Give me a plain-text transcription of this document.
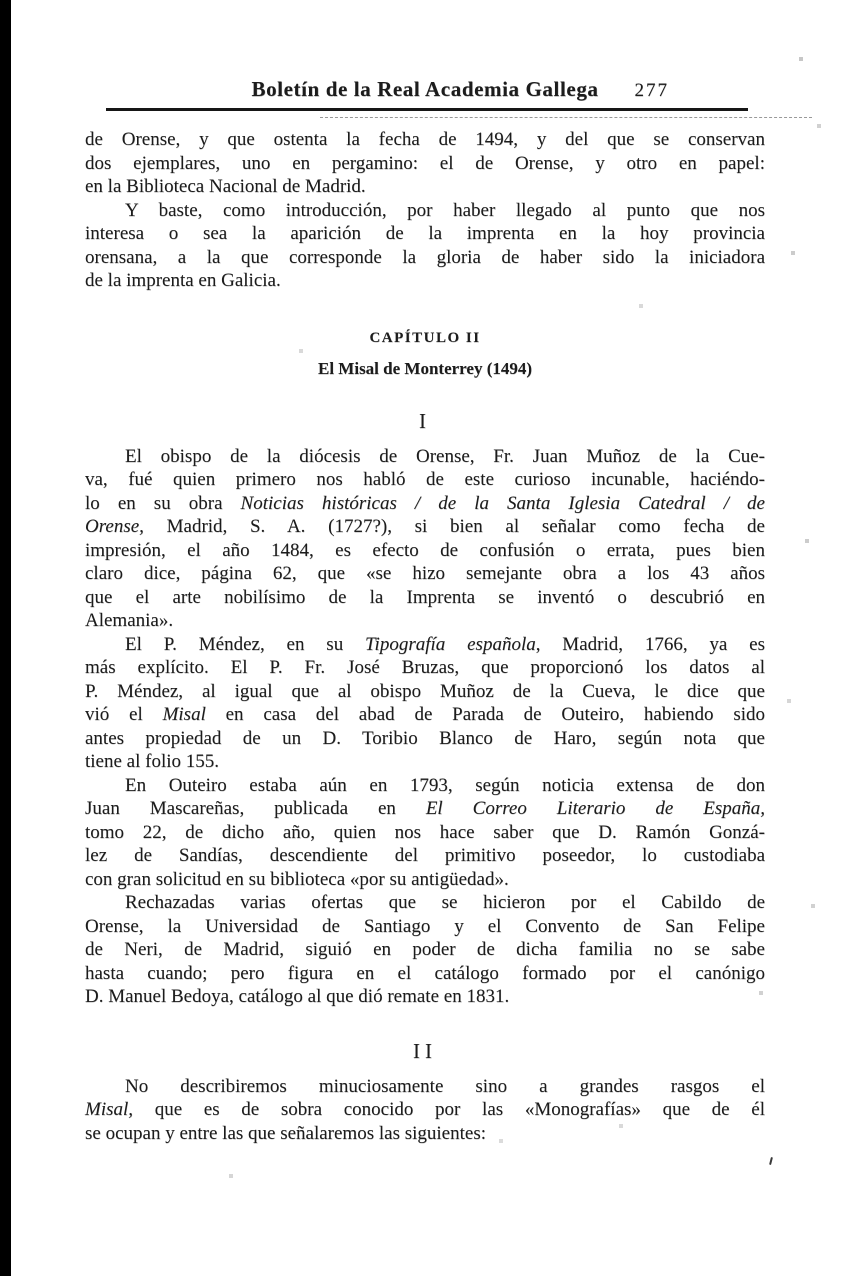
Boletín de la Real Academia Gallega 277
de Orense, y que ostenta la fecha de 1494, y del que se conservan
dos ejemplares, uno en pergamino: el de Orense, y otro en papel:
en la Biblioteca Nacional de Madrid.
Y baste, como introducción, por haber llegado al punto que nos
interesa o sea la aparición de la imprenta en la hoy provincia
orensana, a la que corresponde la gloria de haber sido la iniciadora
de la imprenta en Galicia.
CAPÍTULO II
El Misal de Monterrey (1494)
I
El obispo de la diócesis de Orense, Fr. Juan Muñoz de la Cue-
va, fué quien primero nos habló de este curioso incunable, haciéndo-
lo en su obra Noticias históricas / de la Santa Iglesia Catedral / de
Orense, Madrid, S. A. (1727?), si bien al señalar como fecha de
impresión, el año 1484, es efecto de confusión o errata, pues bien
claro dice, página 62, que «se hizo semejante obra a los 43 años
que el arte nobilísimo de la Imprenta se inventó o descubrió en
Alemania».
El P. Méndez, en su Tipografía española, Madrid, 1766, ya es
más explícito. El P. Fr. José Bruzas, que proporcionó los datos al
P. Méndez, al igual que al obispo Muñoz de la Cueva, le dice que
vió el Misal en casa del abad de Parada de Outeiro, habiendo sido
antes propiedad de un D. Toribio Blanco de Haro, según nota que
tiene al folio 155.
En Outeiro estaba aún en 1793, según noticia extensa de don
Juan Mascareñas, publicada en El Correo Literario de España,
tomo 22, de dicho año, quien nos hace saber que D. Ramón Gonzá-
lez de Sandías, descendiente del primitivo poseedor, lo custodiaba
con gran solicitud en su biblioteca «por su antigüedad».
Rechazadas varias ofertas que se hicieron por el Cabildo de
Orense, la Universidad de Santiago y el Convento de San Felipe
de Neri, de Madrid, siguió en poder de dicha familia no se sabe
hasta cuando; pero figura en el catálogo formado por el canónigo
D. Manuel Bedoya, catálogo al que dió remate en 1831.
II
No describiremos minuciosamente sino a grandes rasgos el
Misal, que es de sobra conocido por las «Monografías» que de él
se ocupan y entre las que señalaremos las siguientes:
